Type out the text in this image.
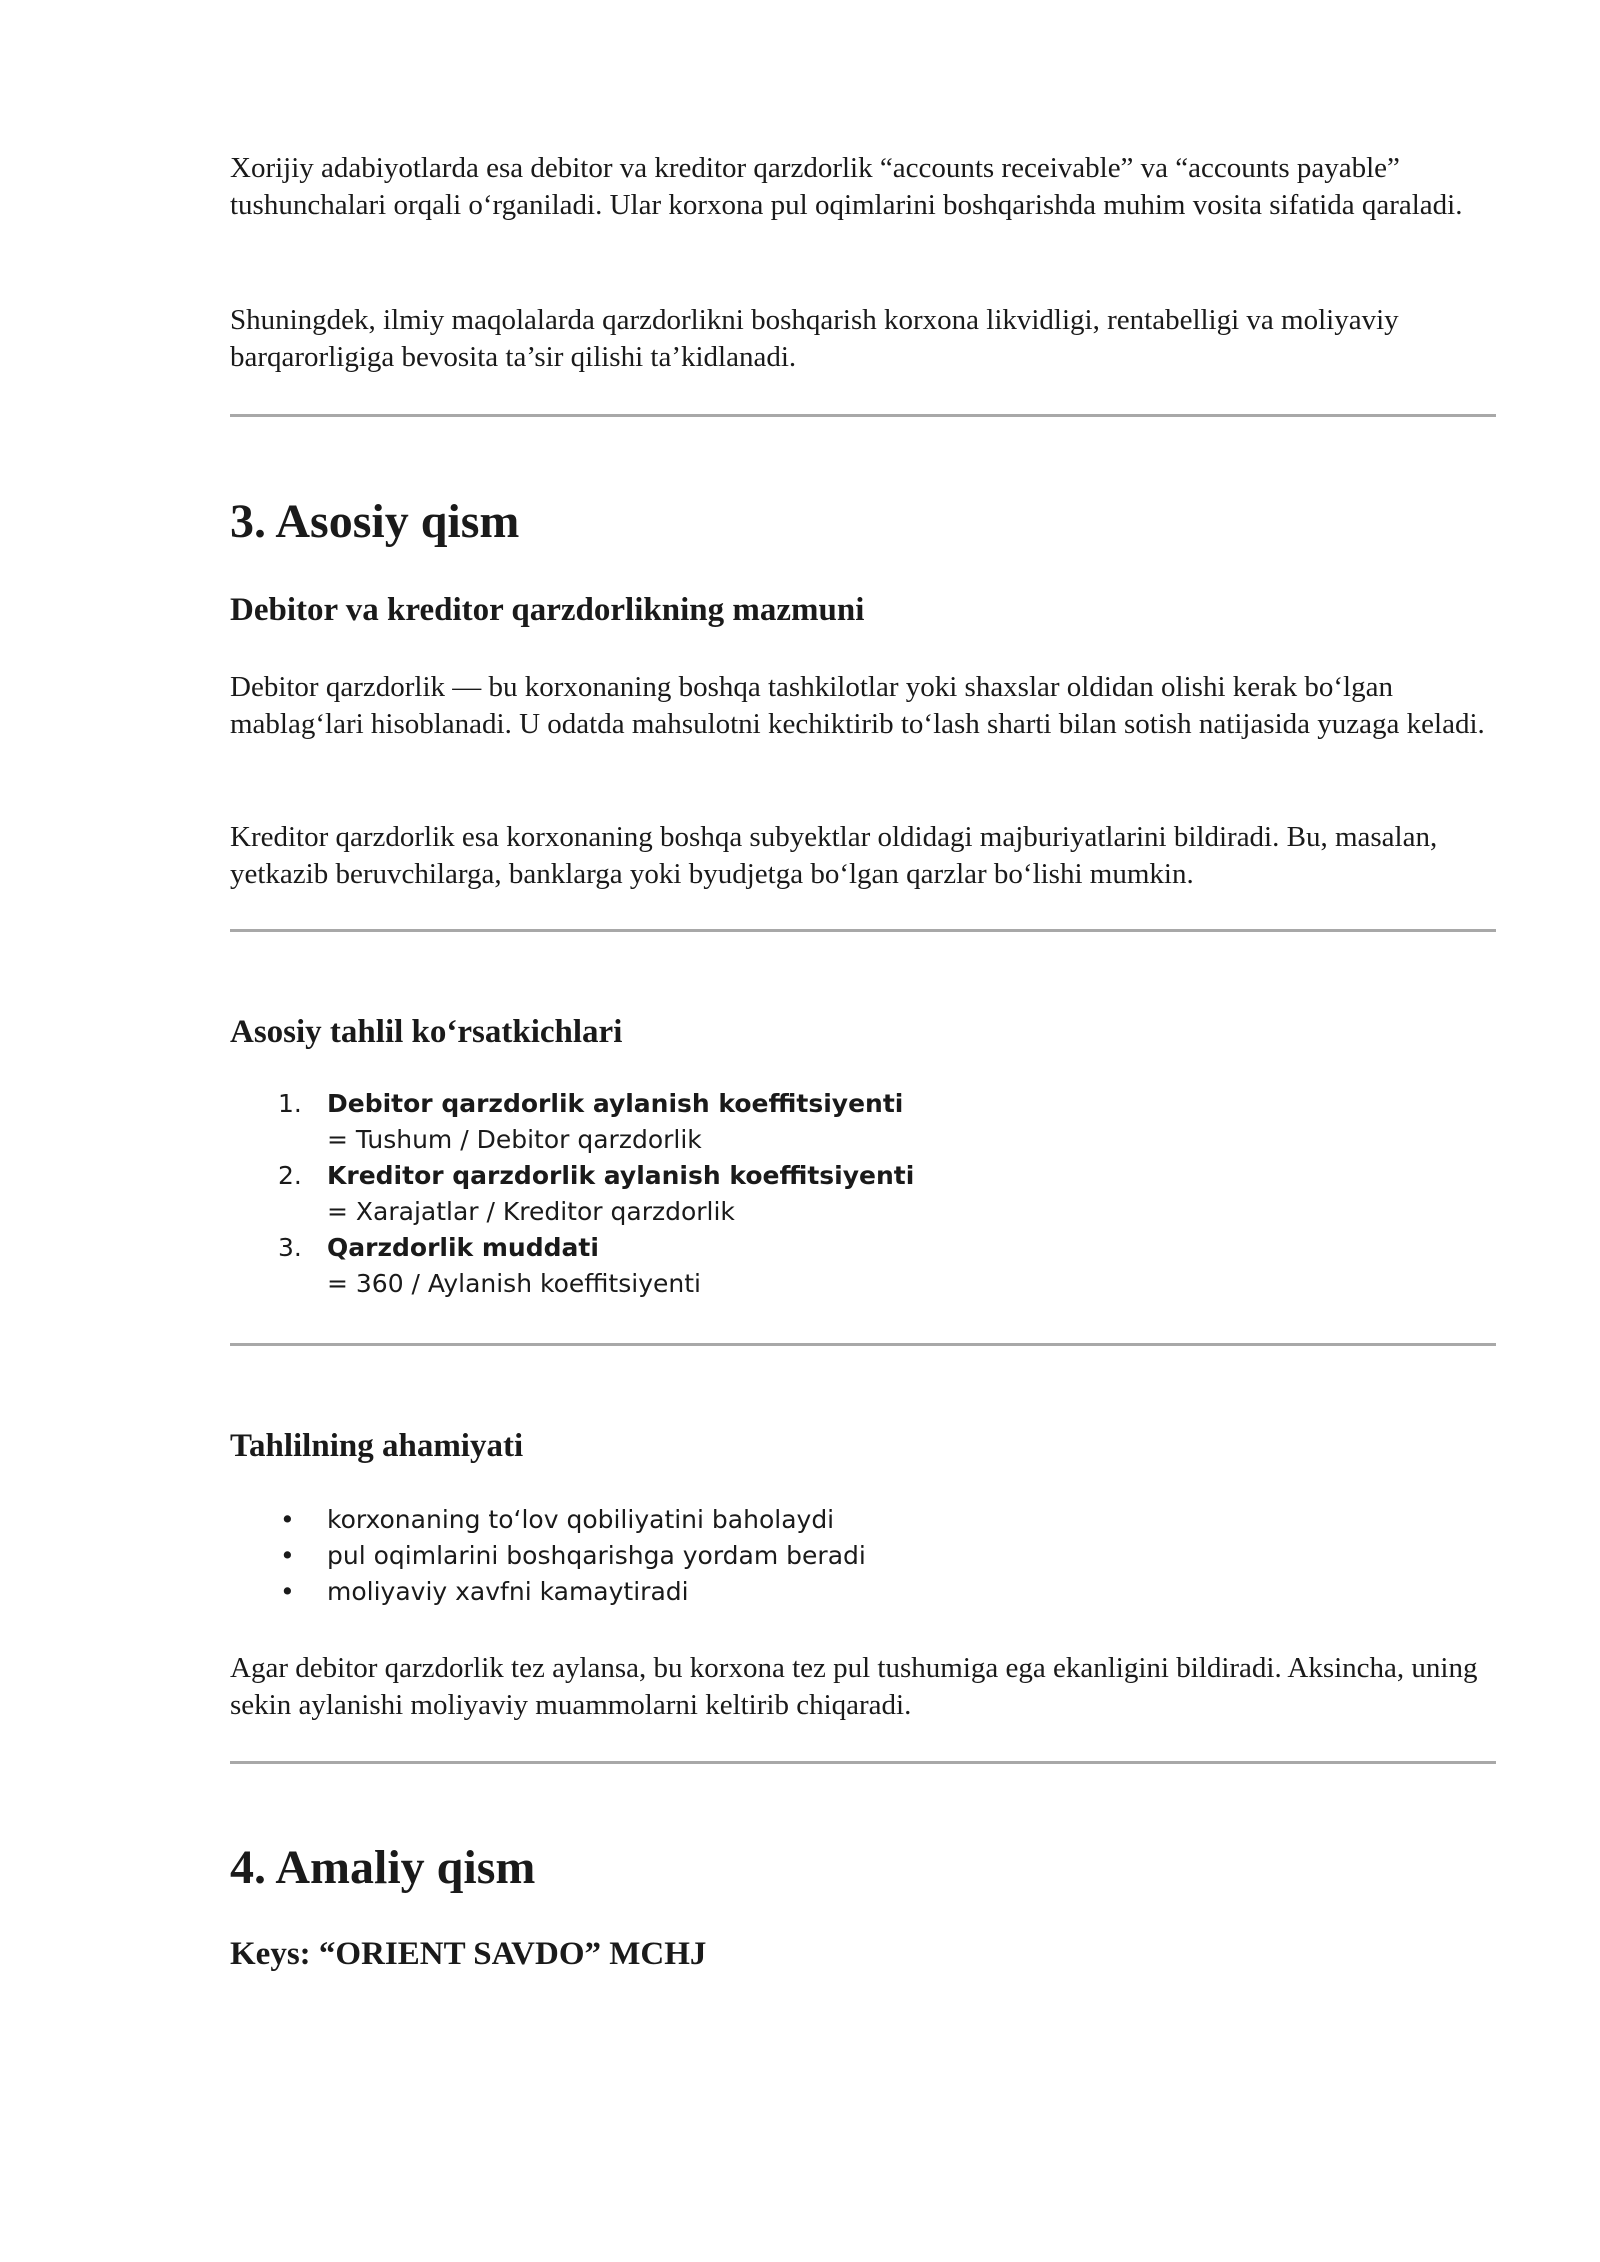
Xorijiy adabiyotlarda esa debitor va kreditor qarzdorlik “accounts receivable” va “accounts payable” tushunchalari orqali o‘rganiladi. Ular korxona pul oqimlarini boshqarishda muhim vosita sifatida qaraladi.

Shuningdek, ilmiy maqolalarda qarzdorlikni boshqarish korxona likvidligi, rentabelligi va moliyaviy barqarorligiga bevosita ta’sir qilishi ta’kidlanadi.

3. Asosiy qism
Debitor va kreditor qarzdorlikning mazmuni

Debitor qarzdorlik — bu korxonaning boshqa tashkilotlar yoki shaxslar oldidan olishi kerak bo‘lgan mablag‘lari hisoblanadi. U odatda mahsulotni kechiktirib to‘lash sharti bilan sotish natijasida yuzaga keladi.

Kreditor qarzdorlik esa korxonaning boshqa subyektlar oldidagi majburiyatlarini bildiradi. Bu, masalan, yetkazib beruvchilarga, banklarga yoki byudjetga bo‘lgan qarzlar bo‘lishi mumkin.

Asosiy tahlil ko‘rsatkichlari
1. Debitor qarzdorlik aylanish koeffitsiyenti
= Tushum / Debitor qarzdorlik
2. Kreditor qarzdorlik aylanish koeffitsiyenti
= Xarajatlar / Kreditor qarzdorlik
3. Qarzdorlik muddati
= 360 / Aylanish koeffitsiyenti
Tahlilning ahamiyati
• korxonaning to‘lov qobiliyatini baholaydi
• pul oqimlarini boshqarishga yordam beradi
• moliyaviy xavfni kamaytiradi

Agar debitor qarzdorlik tez aylansa, bu korxona tez pul tushumiga ega ekanligini bildiradi. Aksincha, uning sekin aylanishi moliyaviy muammolarni keltirib chiqaradi.

4. Amaliy qism
Keys: “ORIENT SAVDO” MCHJ
